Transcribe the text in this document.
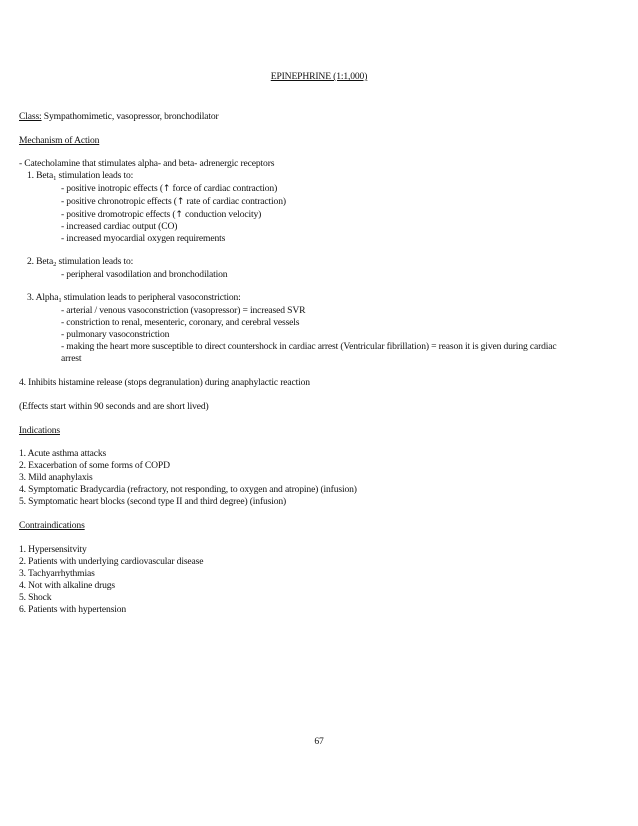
EPINEPHRINE (1:1,000)
Class: Sympathomimetic, vasopressor, bronchodilator
Mechanism of Action
- Catecholamine that stimulates alpha- and beta- adrenergic receptors
1. Beta$_1$ stimulation leads to:
- positive inotropic effects (↑ force of cardiac contraction)
- positive chronotropic effects (↑ rate of cardiac contraction)
- positive dromotropic effects (↑ conduction velocity)
- increased cardiac output (CO)
- increased myocardial oxygen requirements
2. Beta$_2$ stimulation leads to:
- peripheral vasodilation and bronchodilation
3. Alpha$_1$ stimulation leads to peripheral vasoconstriction:
- arterial / venous vasoconstriction (vasopressor) = increased SVR
- constriction to renal, mesenteric, coronary, and cerebral vessels
- pulmonary vasoconstriction
- making the heart more susceptible to direct countershock in cardiac arrest (Ventricular fibrillation) = reason it is given during cardiac
arrest
4. Inhibits histamine release (stops degranulation) during anaphylactic reaction
(Effects start within 90 seconds and are short lived)
Indications
1. Acute asthma attacks
2. Exacerbation of some forms of COPD
3. Mild anaphylaxis
4. Symptomatic Bradycardia (refractory, not responding, to oxygen and atropine) (infusion)
5. Symptomatic heart blocks (second type II and third degree) (infusion)
Contraindications
1. Hypersensitvity
2. Patients with underlying cardiovascular disease
3. Tachyarrhythmias
4. Not with alkaline drugs
5. Shock
6. Patients with hypertension
67
